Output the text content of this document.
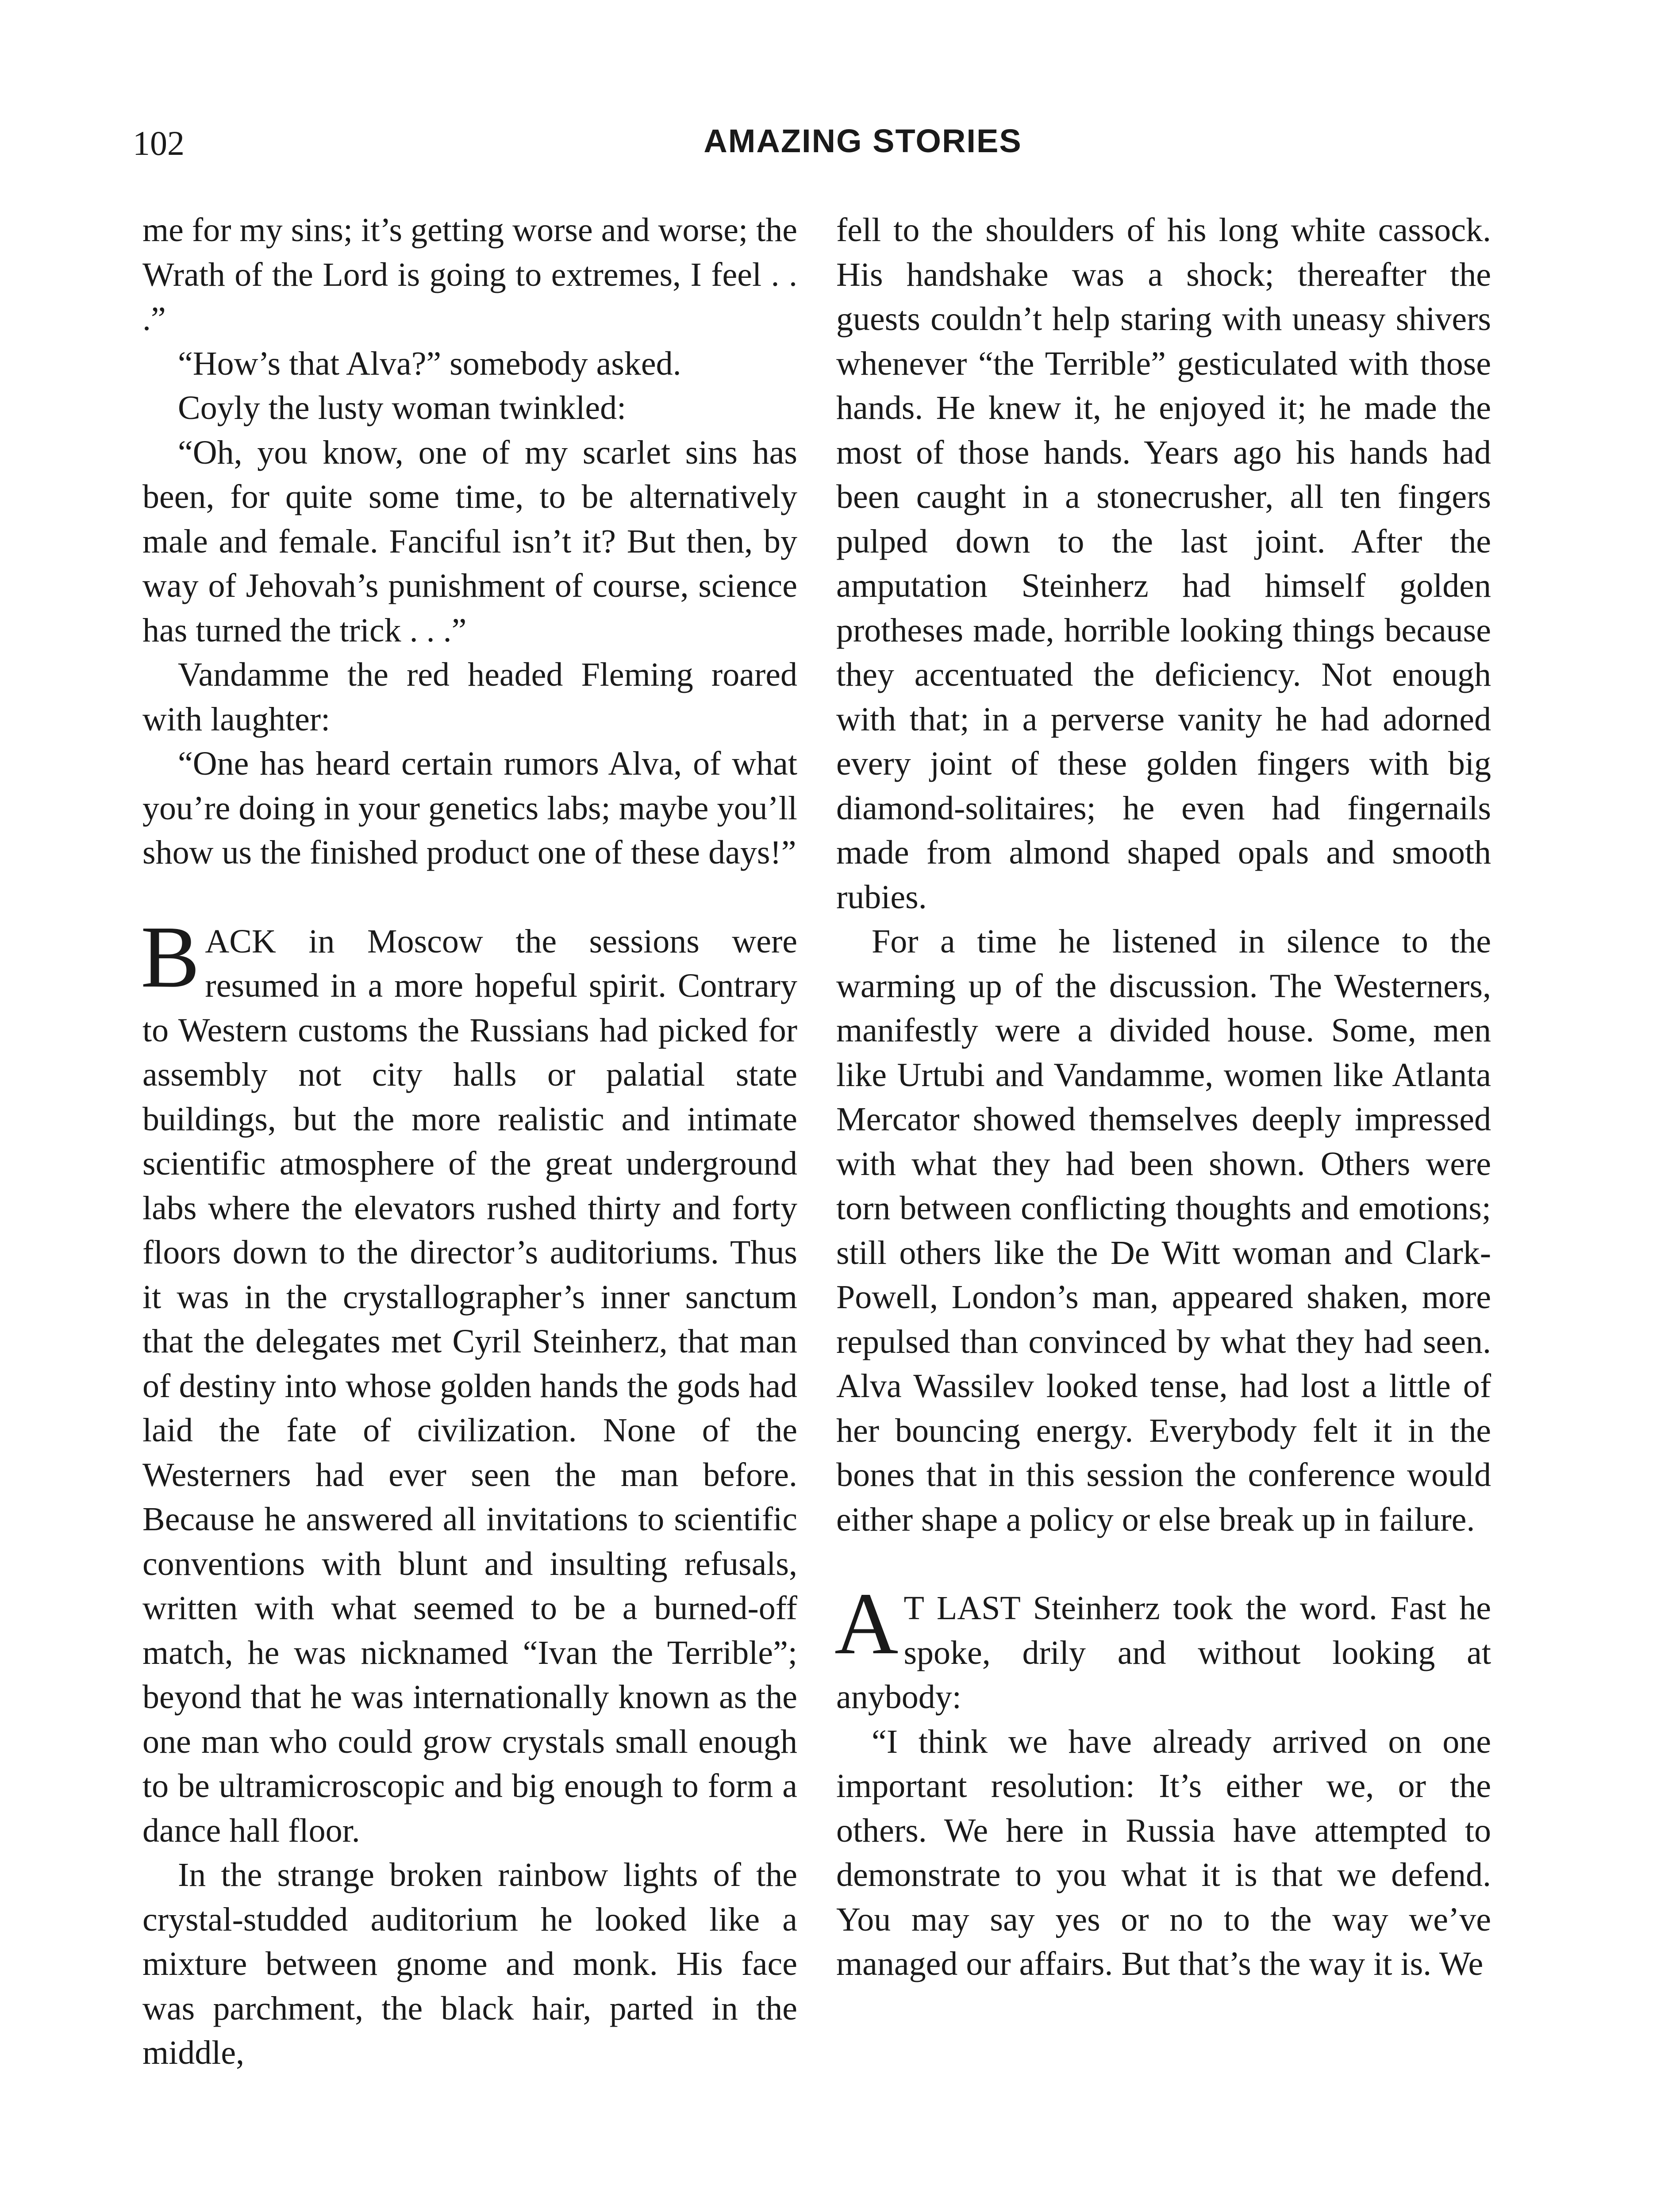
102	AMAZING STORIES

me for my sins; it’s getting worse and worse; the Wrath of the Lord is going to extremes, I feel . . .”

“How’s that Alva?” somebody asked.

Coyly the lusty woman twinkled:

“Oh, you know, one of my scarlet sins has been, for quite some time, to be alternatively male and female. Fanciful isn’t it? But then, by way of Jehovah’s punishment of course, science has turned the trick . . .”

Vandamme the red headed Fleming roared with laughter:

“One has heard certain rumors Alva, of what you’re doing in your genetics labs; maybe you’ll show us the finished product one of these days!”

BACK in Moscow the sessions were resumed in a more hopeful spirit. Contrary to Western customs the Russians had picked for assembly not city halls or palatial state buildings, but the more realistic and intimate scientific atmosphere of the great underground labs where the elevators rushed thirty and forty floors down to the director’s auditoriums. Thus it was in the crystallographer’s inner sanctum that the delegates met Cyril Steinherz, that man of destiny into whose golden hands the gods had laid the fate of civilization. None of the Westerners had ever seen the man before. Because he answered all invitations to scientific conventions with blunt and insulting refusals, written with what seemed to be a burned-off match, he was nicknamed “Ivan the Terrible”; beyond that he was internationally known as the one man who could grow crystals small enough to be ultramicroscopic and big enough to form a dance hall floor.

In the strange broken rainbow lights of the crystal-studded auditorium he looked like a mixture between gnome and monk. His face was parchment, the black hair, parted in the middle,

fell to the shoulders of his long white cassock. His handshake was a shock; thereafter the guests couldn’t help staring with uneasy shivers whenever “the Terrible” gesticulated with those hands. He knew it, he enjoyed it; he made the most of those hands. Years ago his hands had been caught in a stonecrusher, all ten fingers pulped down to the last joint. After the amputation Steinherz had himself golden protheses made, horrible looking things because they accentuated the deficiency. Not enough with that; in a perverse vanity he had adorned every joint of these golden fingers with big diamond-solitaires; he even had fingernails made from almond shaped opals and smooth rubies.

For a time he listened in silence to the warming up of the discussion. The Westerners, manifestly were a divided house. Some, men like Urtubi and Vandamme, women like Atlanta Mercator showed themselves deeply impressed with what they had been shown. Others were torn between conflicting thoughts and emotions; still others like the De Witt woman and Clark-Powell, London’s man, appeared shaken, more repulsed than convinced by what they had seen. Alva Wassilev looked tense, had lost a little of her bouncing energy. Everybody felt it in the bones that in this session the conference would either shape a policy or else break up in failure.

A T LAST Steinherz took the word. Fast he spoke, drily and without looking at anybody:

“I think we have already arrived on one important resolution: It’s either we, or the others. We here in Russia have attempted to demonstrate to you what it is that we defend. You may say yes or no to the way we’ve managed our affairs. But that’s the way it is. We
